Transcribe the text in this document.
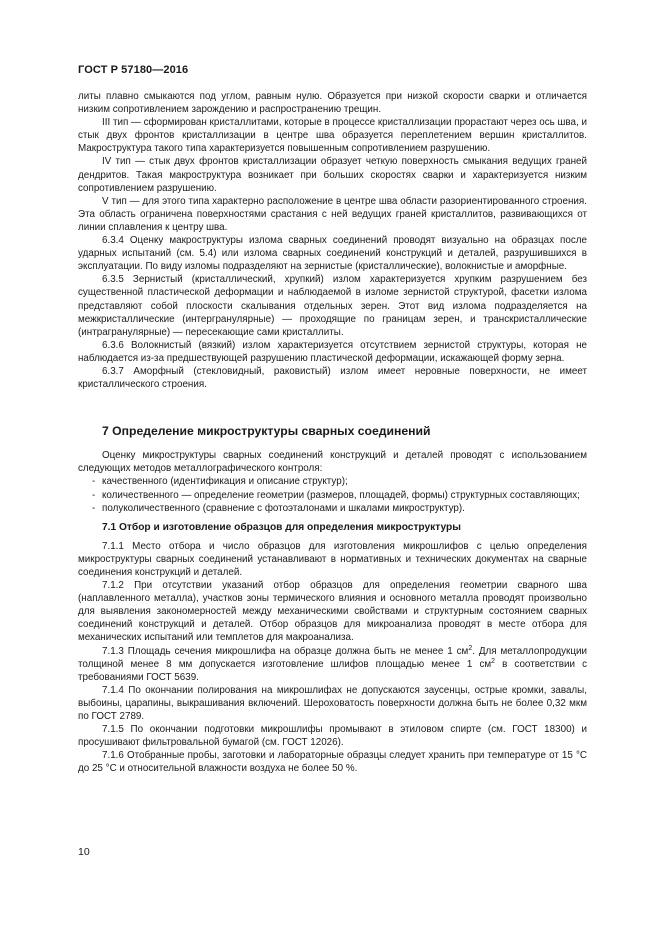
ГОСТ Р 57180—2016

литы плавно смыкаются под углом, равным нулю. Образуется при низкой скорости сварки и отличается низким сопротивлением зарождению и распространению трещин.

III тип — сформирован кристаллитами, которые в процессе кристаллизации прорастают через ось шва, и стык двух фронтов кристаллизации в центре шва образуется переплетением вершин кристаллитов. Макроструктура такого типа характеризуется повышенным сопротивлением разрушению.

IV тип — стык двух фронтов кристаллизации образует четкую поверхность смыкания ведущих граней дендритов. Такая макроструктура возникает при больших скоростях сварки и характеризуется низким сопротивлением разрушению.

V тип — для этого типа характерно расположение в центре шва области разориентированного строения. Эта область ограничена поверхностями срастания с ней ведущих граней кристаллитов, развивающихся от линии сплавления к центру шва.

6.3.4 Оценку макроструктуры излома сварных соединений проводят визуально на образцах после ударных испытаний (см. 5.4) или излома сварных соединений конструкций и деталей, разрушившихся в эксплуатации. По виду изломы подразделяют на зернистые (кристаллические), волокнистые и аморфные.

6.3.5 Зернистый (кристаллический, хрупкий) излом характеризуется хрупким разрушением без существенной пластической деформации и наблюдаемой в изломе зернистой структурой, фасетки излома представляют собой плоскости скалывания отдельных зерен. Этот вид излома подразделяется на межкристаллические (интергранулярные) — проходящие по границам зерен, и транскристаллические (интрагранулярные) — пересекающие сами кристаллиты.

6.3.6 Волокнистый (вязкий) излом характеризуется отсутствием зернистой структуры, которая не наблюдается из-за предшествующей разрушению пластической деформации, искажающей форму зерна.

6.3.7 Аморфный (стекловидный, раковистый) излом имеет неровные поверхности, не имеет кристаллического строения.

7 Определение микроструктуры сварных соединений

Оценку микроструктуры сварных соединений конструкций и деталей проводят с использованием следующих методов металлографического контроля:

- качественного (идентификация и описание структур);

- количественного — определение геометрии (размеров, площадей, формы) структурных составляющих;

- полуколичественного (сравнение с фотоэталонами и шкалами микроструктур).

7.1 Отбор и изготовление образцов для определения микроструктуры

7.1.1 Место отбора и число образцов для изготовления микрошлифов с целью определения микроструктуры сварных соединений устанавливают в нормативных и технических документах на сварные соединения конструкций и деталей.

7.1.2 При отсутствии указаний отбор образцов для определения геометрии сварного шва (наплавленного металла), участков зоны термического влияния и основного металла проводят произвольно для выявления закономерностей между механическими свойствами и структурным состоянием сварных соединений конструкций и деталей. Отбор образцов для микроанализа проводят в месте отбора для механических испытаний или темплетов для макроанализа.

7.1.3 Площадь сечения микрошлифа на образце должна быть не менее 1 $см^2$. Для металлопродукции толщиной менее 8 мм допускается изготовление шлифов площадью менее 1 $см^2$ в соответствии с требованиями ГОСТ 5639.

7.1.4 По окончании полирования на микрошлифах не допускаются заусенцы, острые кромки, завалы, выбоины, царапины, выкрашивания включений. Шероховатость поверхности должна быть не более 0,32 мкм по ГОСТ 2789.

7.1.5 По окончании подготовки микрошлифы промывают в этиловом спирте (см. ГОСТ 18300) и просушивают фильтровальной бумагой (см. ГОСТ 12026).

7.1.6 Отобранные пробы, заготовки и лабораторные образцы следует хранить при температуре от 15 °С до 25 °С и относительной влажности воздуха не более 50 %.

10
